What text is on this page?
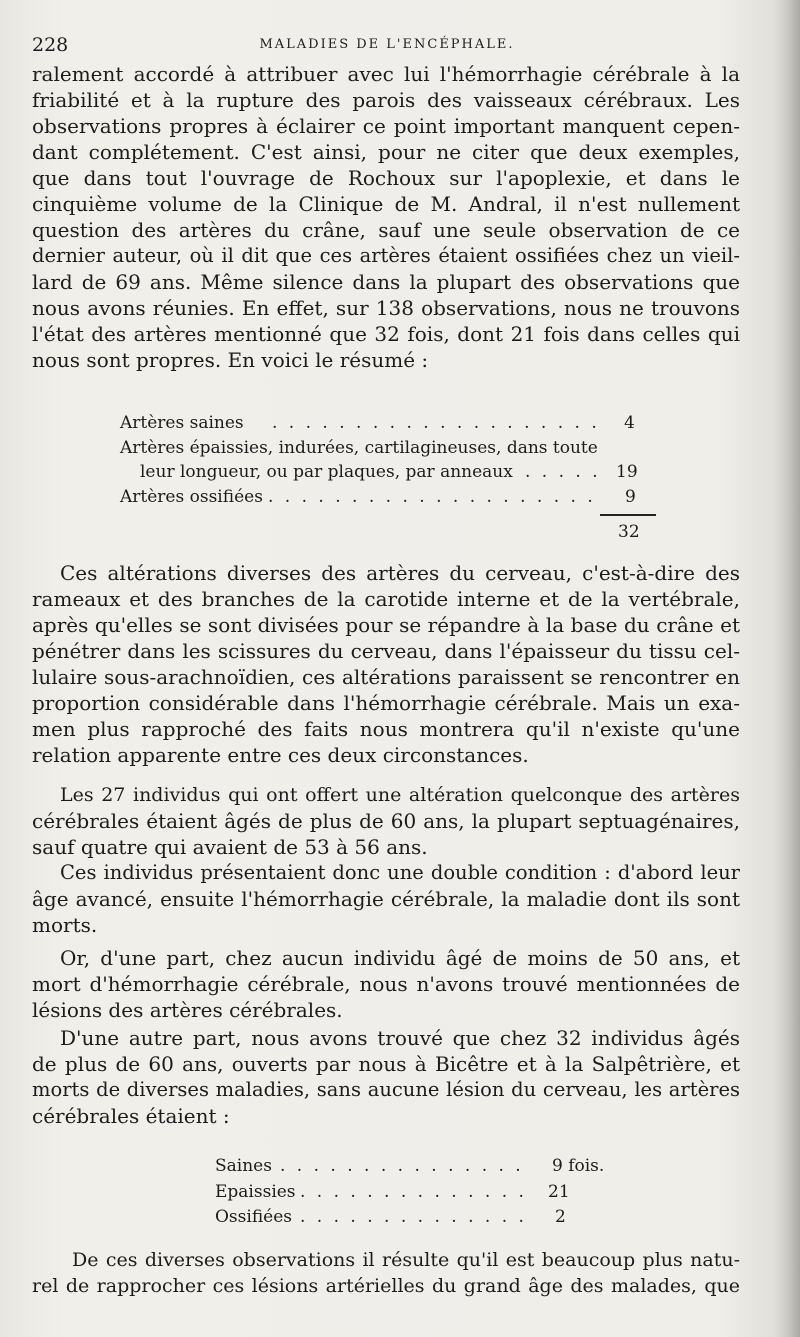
228	MALADIES DE L'ENCÉPHALE.

ralement accordé à attribuer avec lui l'hémorrhagie cérébrale à la
friabilité et à la rupture des parois des vaisseaux cérébraux. Les
observations propres à éclairer ce point important manquent cepen-
dant complétement. C'est ainsi, pour ne citer que deux exemples,
que dans tout l'ouvrage de Rochoux sur l'apoplexie, et dans le
cinquième volume de la Clinique de M. Andral, il n'est nullement
question des artères du crâne, sauf une seule observation de ce
dernier auteur, où il dit que ces artères étaient ossifiées chez un vieil-
lard de 69 ans. Même silence dans la plupart des observations que
nous avons réunies. En effet, sur 138 observations, nous ne trouvons
l'état des artères mentionné que 32 fois, dont 21 fois dans celles qui
nous sont propres. En voici le résumé :

Artères saines . . . . . . . . . . . . . . . . . . . . 4
Artères épaissies, indurées, cartilagineuses, dans toute
leur longueur, ou par plaques, par anneaux . . . . . 19
Artères ossifiées . . . . . . . . . . . . . . . . . . . . 9
32

Ces altérations diverses des artères du cerveau, c'est-à-dire des
rameaux et des branches de la carotide interne et de la vertébrale,
après qu'elles se sont divisées pour se répandre à la base du crâne et
pénétrer dans les scissures du cerveau, dans l'épaisseur du tissu cel-
lulaire sous-arachnoïdien, ces altérations paraissent se rencontrer en
proportion considérable dans l'hémorrhagie cérébrale. Mais un exa-
men plus rapproché des faits nous montrera qu'il n'existe qu'une
relation apparente entre ces deux circonstances.

Les 27 individus qui ont offert une altération quelconque des artères
cérébrales étaient âgés de plus de 60 ans, la plupart septuagénaires,
sauf quatre qui avaient de 53 à 56 ans.

Ces individus présentaient donc une double condition : d'abord leur
âge avancé, ensuite l'hémorrhagie cérébrale, la maladie dont ils sont
morts.

Or, d'une part, chez aucun individu âgé de moins de 50 ans, et
mort d'hémorrhagie cérébrale, nous n'avons trouvé mentionnées de
lésions des artères cérébrales.

D'une autre part, nous avons trouvé que chez 32 individus âgés
de plus de 60 ans, ouverts par nous à Bicêtre et à la Salpêtrière, et
morts de diverses maladies, sans aucune lésion du cerveau, les artères
cérébrales étaient :

Saines . . . . . . . . . . . . . . . 9 fois.
Epaissies . . . . . . . . . . . . . . 21
Ossifiées . . . . . . . . . . . . . . 2

De ces diverses observations il résulte qu'il est beaucoup plus natu-
rel de rapprocher ces lésions artérielles du grand âge des malades, que
